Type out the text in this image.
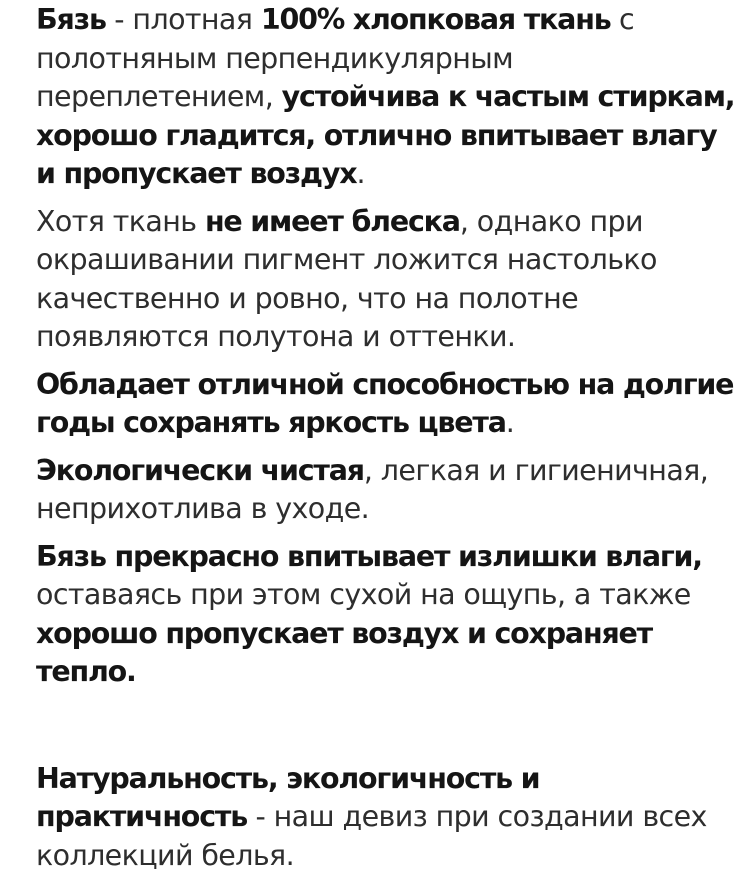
Бязь - плотная 100% хлопковая ткань с полотняным перпендикулярным переплетением, устойчива к частым стиркам, хорошо гладится, отлично впитывает влагу и пропускает воздух.

Хотя ткань не имеет блеска, однако при окрашивании пигмент ложится настолько качественно и ровно, что на полотне появляются полутона и оттенки.

Обладает отличной способностью на долгие годы сохранять яркость цвета.

Экологически чистая, легкая и гигиеничная, неприхотлива в уходе.

Бязь прекрасно впитывает излишки влаги, оставаясь при этом сухой на ощупь, а также хорошо пропускает воздух и сохраняет тепло.

Натуральность, экологичность и практичность - наш девиз при создании всех коллекций белья.
